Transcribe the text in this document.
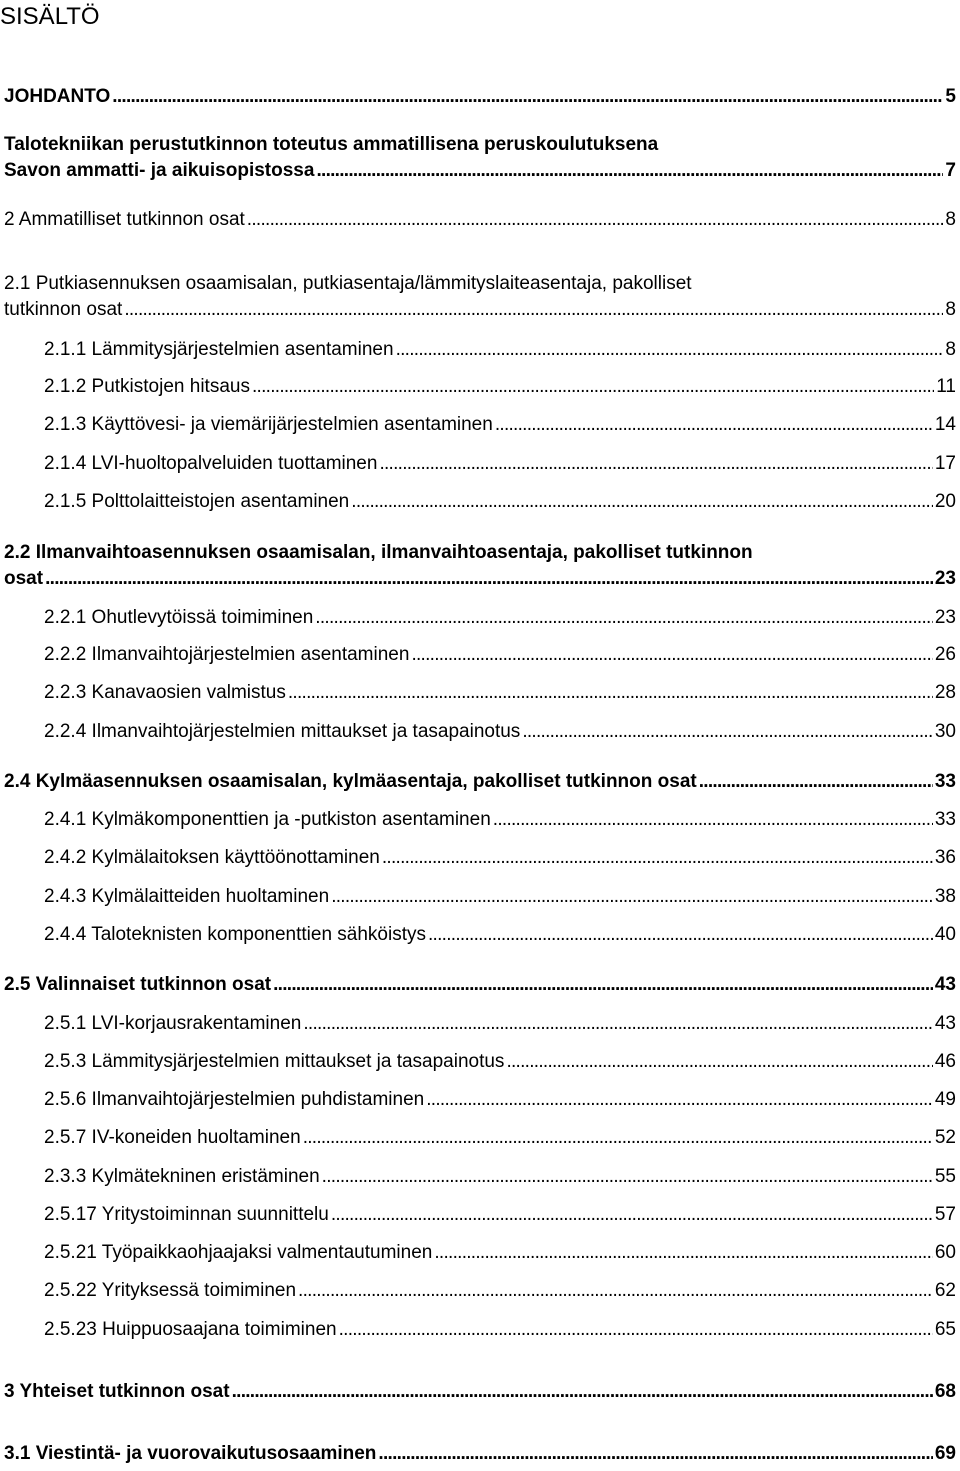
SISÄLTÖ
JOHDANTO . . .	5
Talotekniikan perustutkinnon toteutus ammatillisena peruskoulutuksena
Savon ammatti- ja aikuisopistossa . . .	7
2 Ammatilliset tutkinnon osat . . .	8
2.1 Putkiasennuksen osaamisalan, putkiasentaja/lämmityslaiteasentaja, pakolliset
tutkinnon osat . . .	8
2.1.1 Lämmitysjärjestelmien asentaminen . . .	8
2.1.2 Putkistojen hitsaus . . .	11
2.1.3 Käyttövesi- ja viemärijärjestelmien asentaminen . . .	14
2.1.4 LVI-huoltopalveluiden tuottaminen . . .	17
2.1.5 Polttolaitteistojen asentaminen . . .	20
2.2 Ilmanvaihtoasennuksen osaamisalan, ilmanvaihtoasentaja, pakolliset tutkinnon
osat . . .	23
2.2.1 Ohutlevytöissä toimiminen . . .	23
2.2.2 Ilmanvaihtojärjestelmien asentaminen . . .	26
2.2.3 Kanavaosien valmistus . . .	28
2.2.4 Ilmanvaihtojärjestelmien mittaukset ja tasapainotus . . .	30
2.4 Kylmäasennuksen osaamisalan, kylmäasentaja, pakolliset tutkinnon osat . . .	33
2.4.1 Kylmäkomponenttien ja -putkiston asentaminen . . .	33
2.4.2 Kylmälaitoksen käyttöönottaminen . . .	36
2.4.3 Kylmälaitteiden huoltaminen . . .	38
2.4.4 Taloteknisten komponenttien sähköistys . . .	40
2.5 Valinnaiset tutkinnon osat . . .	43
2.5.1 LVI-korjausrakentaminen . . .	43
2.5.3 Lämmitysjärjestelmien mittaukset ja tasapainotus . . .	46
2.5.6 Ilmanvaihtojärjestelmien puhdistaminen . . .	49
2.5.7 IV-koneiden huoltaminen . . .	52
2.3.3 Kylmätekninen eristäminen . . .	55
2.5.17 Yritystoiminnan suunnittelu . . .	57
2.5.21 Työpaikkaohjaajaksi valmentautuminen . . .	60
2.5.22 Yrityksessä toimiminen . . .	62
2.5.23 Huippuosaajana toimiminen . . .	65
3 Yhteiset tutkinnon osat . . .	68
3.1 Viestintä- ja vuorovaikutusosaaminen . . .	69
